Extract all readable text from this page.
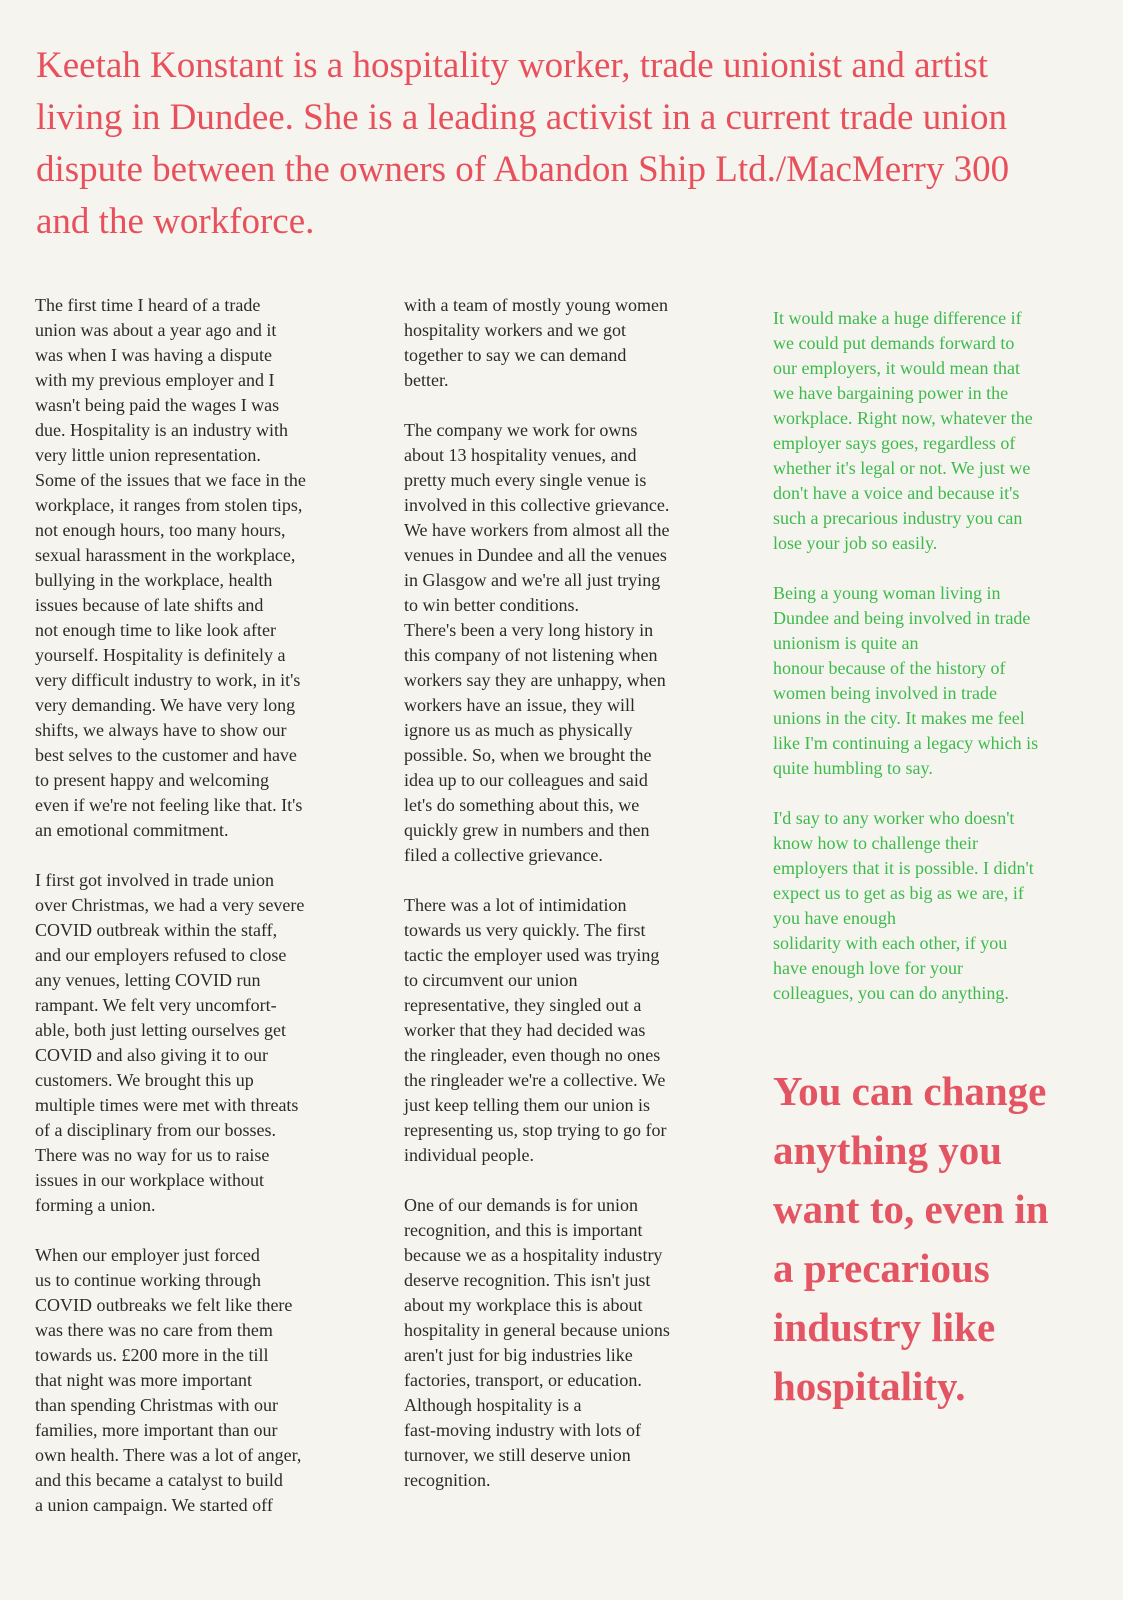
Keetah Konstant is a hospitality worker, trade unionist and artist living in Dundee. She is a leading activist in a current trade union dispute between the owners of Abandon Ship Ltd./MacMerry 300 and the workforce.

The first time I heard of a trade
union was about a year ago and it
was when I was having a dispute
with my previous employer and I
wasn't being paid the wages I was
due. Hospitality is an industry with
very little union representation.
Some of the issues that we face in the
workplace, it ranges from stolen tips,
not enough hours, too many hours,
sexual harassment in the workplace,
bullying in the workplace, health
issues because of late shifts and
not enough time to like look after
yourself. Hospitality is definitely a
very difficult industry to work, in it's
very demanding. We have very long
shifts, we always have to show our
best selves to the customer and have
to present happy and welcoming
even if we're not feeling like that. It's
an emotional commitment.

I first got involved in trade union
over Christmas, we had a very severe
COVID outbreak within the staff,
and our employers refused to close
any venues, letting COVID run
rampant. We felt very uncomfort-
able, both just letting ourselves get
COVID and also giving it to our
customers. We brought this up
multiple times were met with threats
of a disciplinary from our bosses.
There was no way for us to raise
issues in our workplace without
forming a union.

When our employer just forced
us to continue working through
COVID outbreaks we felt like there
was there was no care from them
towards us. £200 more in the till
that night was more important
than spending Christmas with our
families, more important than our
own health. There was a lot of anger,
and this became a catalyst to build
a union campaign. We started off

with a team of mostly young women
hospitality workers and we got
together to say we can demand
better.

The company we work for owns
about 13 hospitality venues, and
pretty much every single venue is
involved in this collective grievance.
We have workers from almost all the
venues in Dundee and all the venues
in Glasgow and we're all just trying
to win better conditions.
There's been a very long history in
this company of not listening when
workers say they are unhappy, when
workers have an issue, they will
ignore us as much as physically
possible. So, when we brought the
idea up to our colleagues and said
let's do something about this, we
quickly grew in numbers and then
filed a collective grievance.

There was a lot of intimidation
towards us very quickly. The first
tactic the employer used was trying
to circumvent our union
representative, they singled out a
worker that they had decided was
the ringleader, even though no ones
the ringleader we're a collective. We
just keep telling them our union is
representing us, stop trying to go for
individual people.

One of our demands is for union
recognition, and this is important
because we as a hospitality industry
deserve recognition. This isn't just
about my workplace this is about
hospitality in general because unions
aren't just for big industries like
factories, transport, or education.
Although hospitality is a
fast-moving industry with lots of
turnover, we still deserve union
recognition.

It would make a huge difference if
we could put demands forward to
our employers, it would mean that
we have bargaining power in the
workplace. Right now, whatever the
employer says goes, regardless of
whether it's legal or not. We just we
don't have a voice and because it's
such a precarious industry you can
lose your job so easily.

Being a young woman living in
Dundee and being involved in trade
unionism is quite an
honour because of the history of
women being involved in trade
unions in the city. It makes me feel
like I'm continuing a legacy which is
quite humbling to say.

I'd say to any worker who doesn't
know how to challenge their
employers that it is possible. I didn't
expect us to get as big as we are, if
you have enough
solidarity with each other, if you
have enough love for your
colleagues, you can do anything.

You can change
anything you
want to, even in
a precarious
industry like
hospitality.
